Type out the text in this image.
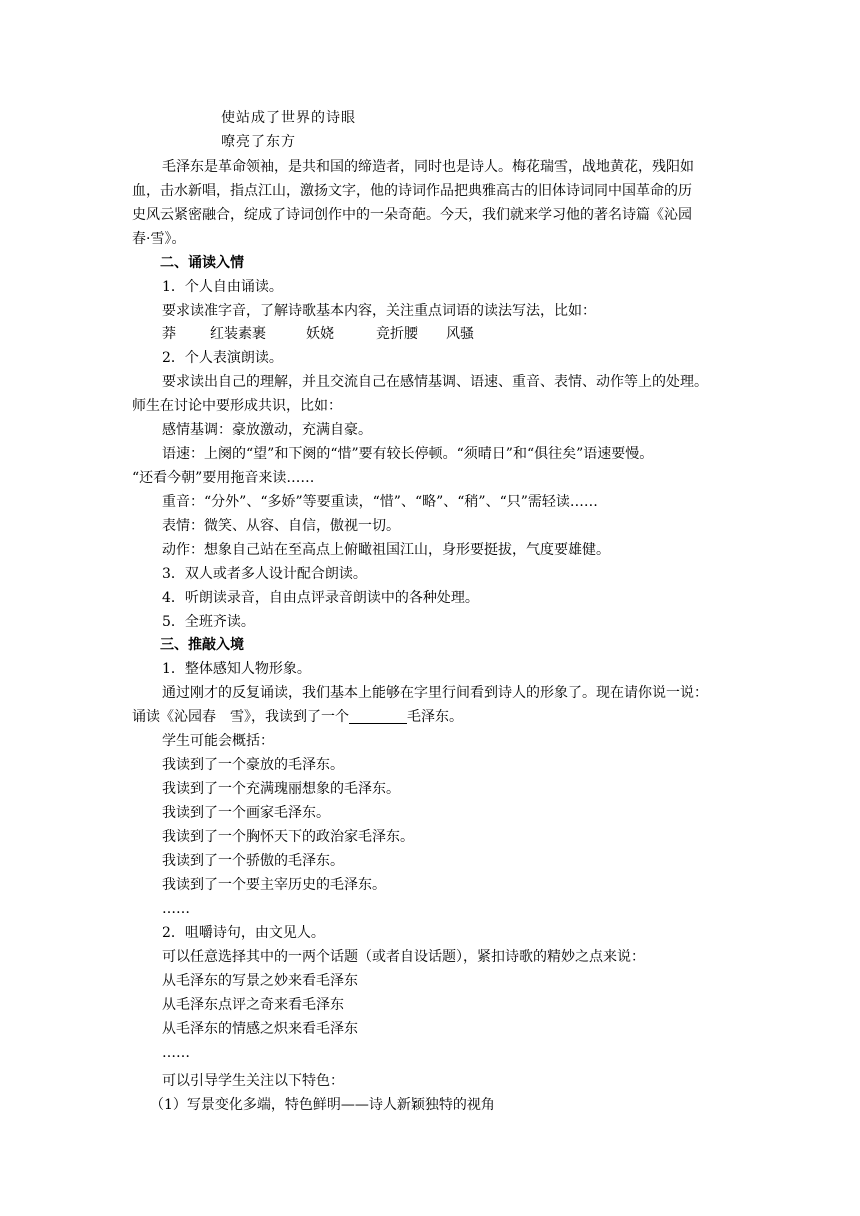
使站成了世界的诗眼
嘹亮了东方
毛泽东是革命领袖，是共和国的缔造者，同时也是诗人。梅花瑞雪，战地黄花，残阳如
血，击水新唱，指点江山，激扬文字，他的诗词作品把典雅高古的旧体诗词同中国革命的历
史风云紧密融合，绽成了诗词创作中的一朵奇葩。今天，我们就来学习他的著名诗篇《沁园
春·雪》。
二、诵读入情
1．个人自由诵读。
要求读准字音，了解诗歌基本内容，关注重点词语的读法写法，比如：
莽 红装素裹	妖娆	竞折腰 风骚
2．个人表演朗读。
要求读出自己的理解，并且交流自己在感情基调、语速、重音、表情、动作等上的处理。
师生在讨论中要形成共识，比如：
感情基调：豪放激动，充满自豪。
语速：上阕的“望”和下阕的“惜”要有较长停顿。“须晴日”和“俱往矣”语速要慢。
“还看今朝”要用拖音来读……
重音：“分外”、“多娇”等要重读，“惜”、“略”、“稍”、“只”需轻读……
表情：微笑、从容、自信，傲视一切。
动作：想象自己站在至高点上俯瞰祖国江山，身形要挺拔，气度要雄健。
3．双人或者多人设计配合朗读。
4．听朗读录音，自由点评录音朗读中的各种处理。
5．全班齐读。
三、推敲入境
1．整体感知人物形象。
通过刚才的反复诵读，我们基本上能够在字里行间看到诗人的形象了。现在请你说一说：
诵读《沁园春　雪》，我读到了一个	毛泽东。
学生可能会概括：
我读到了一个豪放的毛泽东。
我读到了一个充满瑰丽想象的毛泽东。
我读到了一个画家毛泽东。
我读到了一个胸怀天下的政治家毛泽东。
我读到了一个骄傲的毛泽东。
我读到了一个要主宰历史的毛泽东。
……
2．咀嚼诗句，由文见人。
可以任意选择其中的一两个话题（或者自设话题），紧扣诗歌的精妙之点来说：
从毛泽东的写景之妙来看毛泽东
从毛泽东点评之奇来看毛泽东
从毛泽东的情感之炽来看毛泽东
……
可以引导学生关注以下特色：
（1）写景变化多端，特色鲜明——诗人新颖独特的视角
